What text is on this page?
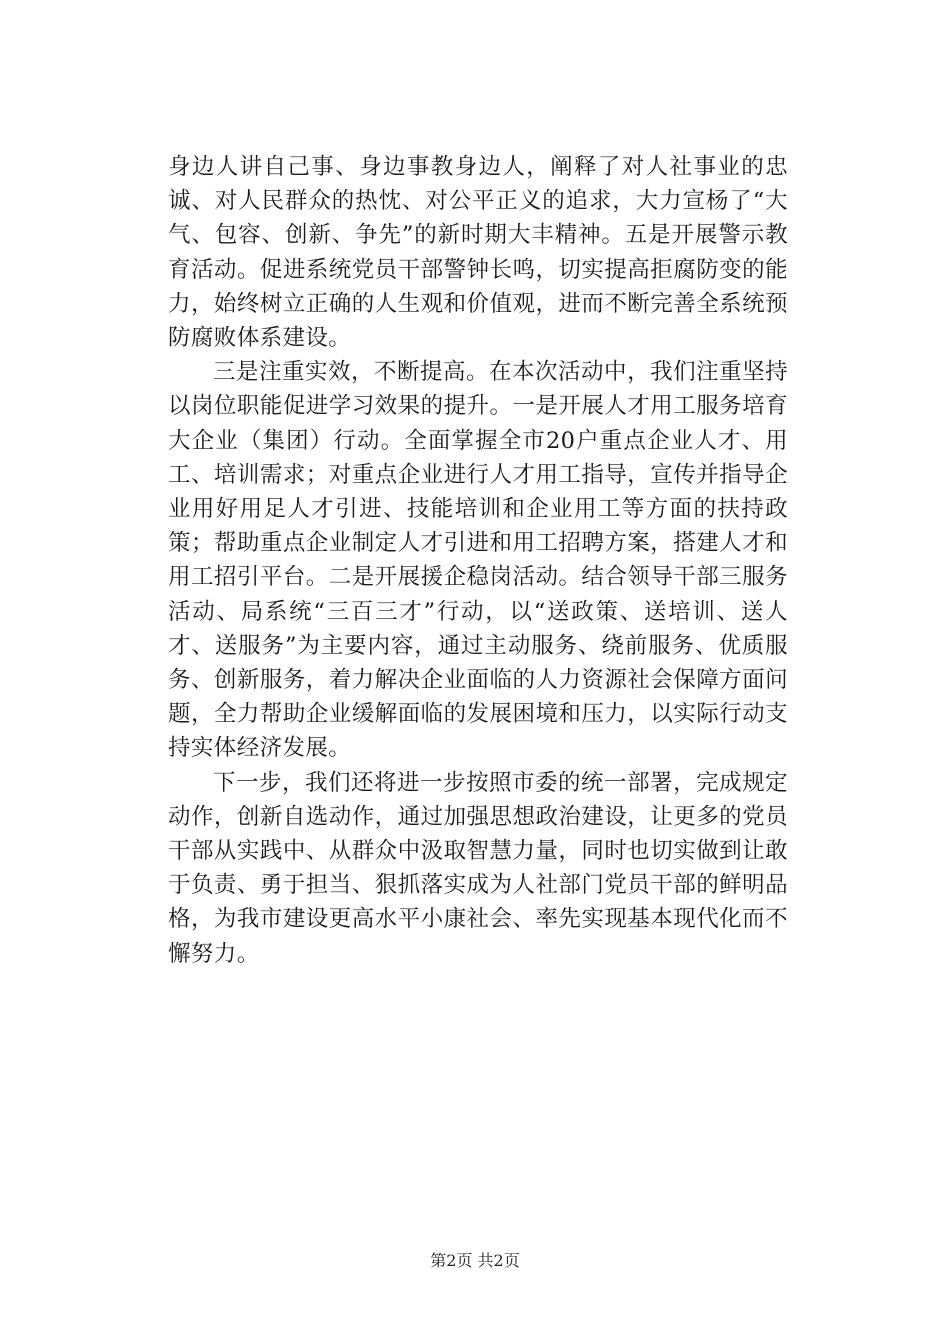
身边人讲自己事、身边事教身边人，阐释了对人社事业的忠诚、对人民群众的热忱、对公平正义的追求，大力宣杨了“大气、包容、创新、争先”的新时期大丰精神。五是开展警示教育活动。促进系统党员干部警钟长鸣，切实提高拒腐防变的能力，始终树立正确的人生观和价值观，进而不断完善全系统预防腐败体系建设。

三是注重实效，不断提高。在本次活动中，我们注重坚持以岗位职能促进学习效果的提升。一是开展人才用工服务培育大企业（集团）行动。全面掌握全市20户重点企业人才、用工、培训需求；对重点企业进行人才用工指导，宣传并指导企业用好用足人才引进、技能培训和企业用工等方面的扶持政策；帮助重点企业制定人才引进和用工招聘方案，搭建人才和用工招引平台。二是开展援企稳岗活动。结合领导干部三服务活动、局系统“三百三才”行动，以“送政策、送培训、送人才、送服务”为主要内容，通过主动服务、绕前服务、优质服务、创新服务，着力解决企业面临的人力资源社会保障方面问题，全力帮助企业缓解面临的发展困境和压力，以实际行动支持实体经济发展。

下一步，我们还将进一步按照市委的统一部署，完成规定动作，创新自选动作，通过加强思想政治建设，让更多的党员干部从实践中、从群众中汲取智慧力量，同时也切实做到让敢于负责、勇于担当、狠抓落实成为人社部门党员干部的鲜明品格，为我市建设更高水平小康社会、率先实现基本现代化而不懈努力。

第2页 共2页
